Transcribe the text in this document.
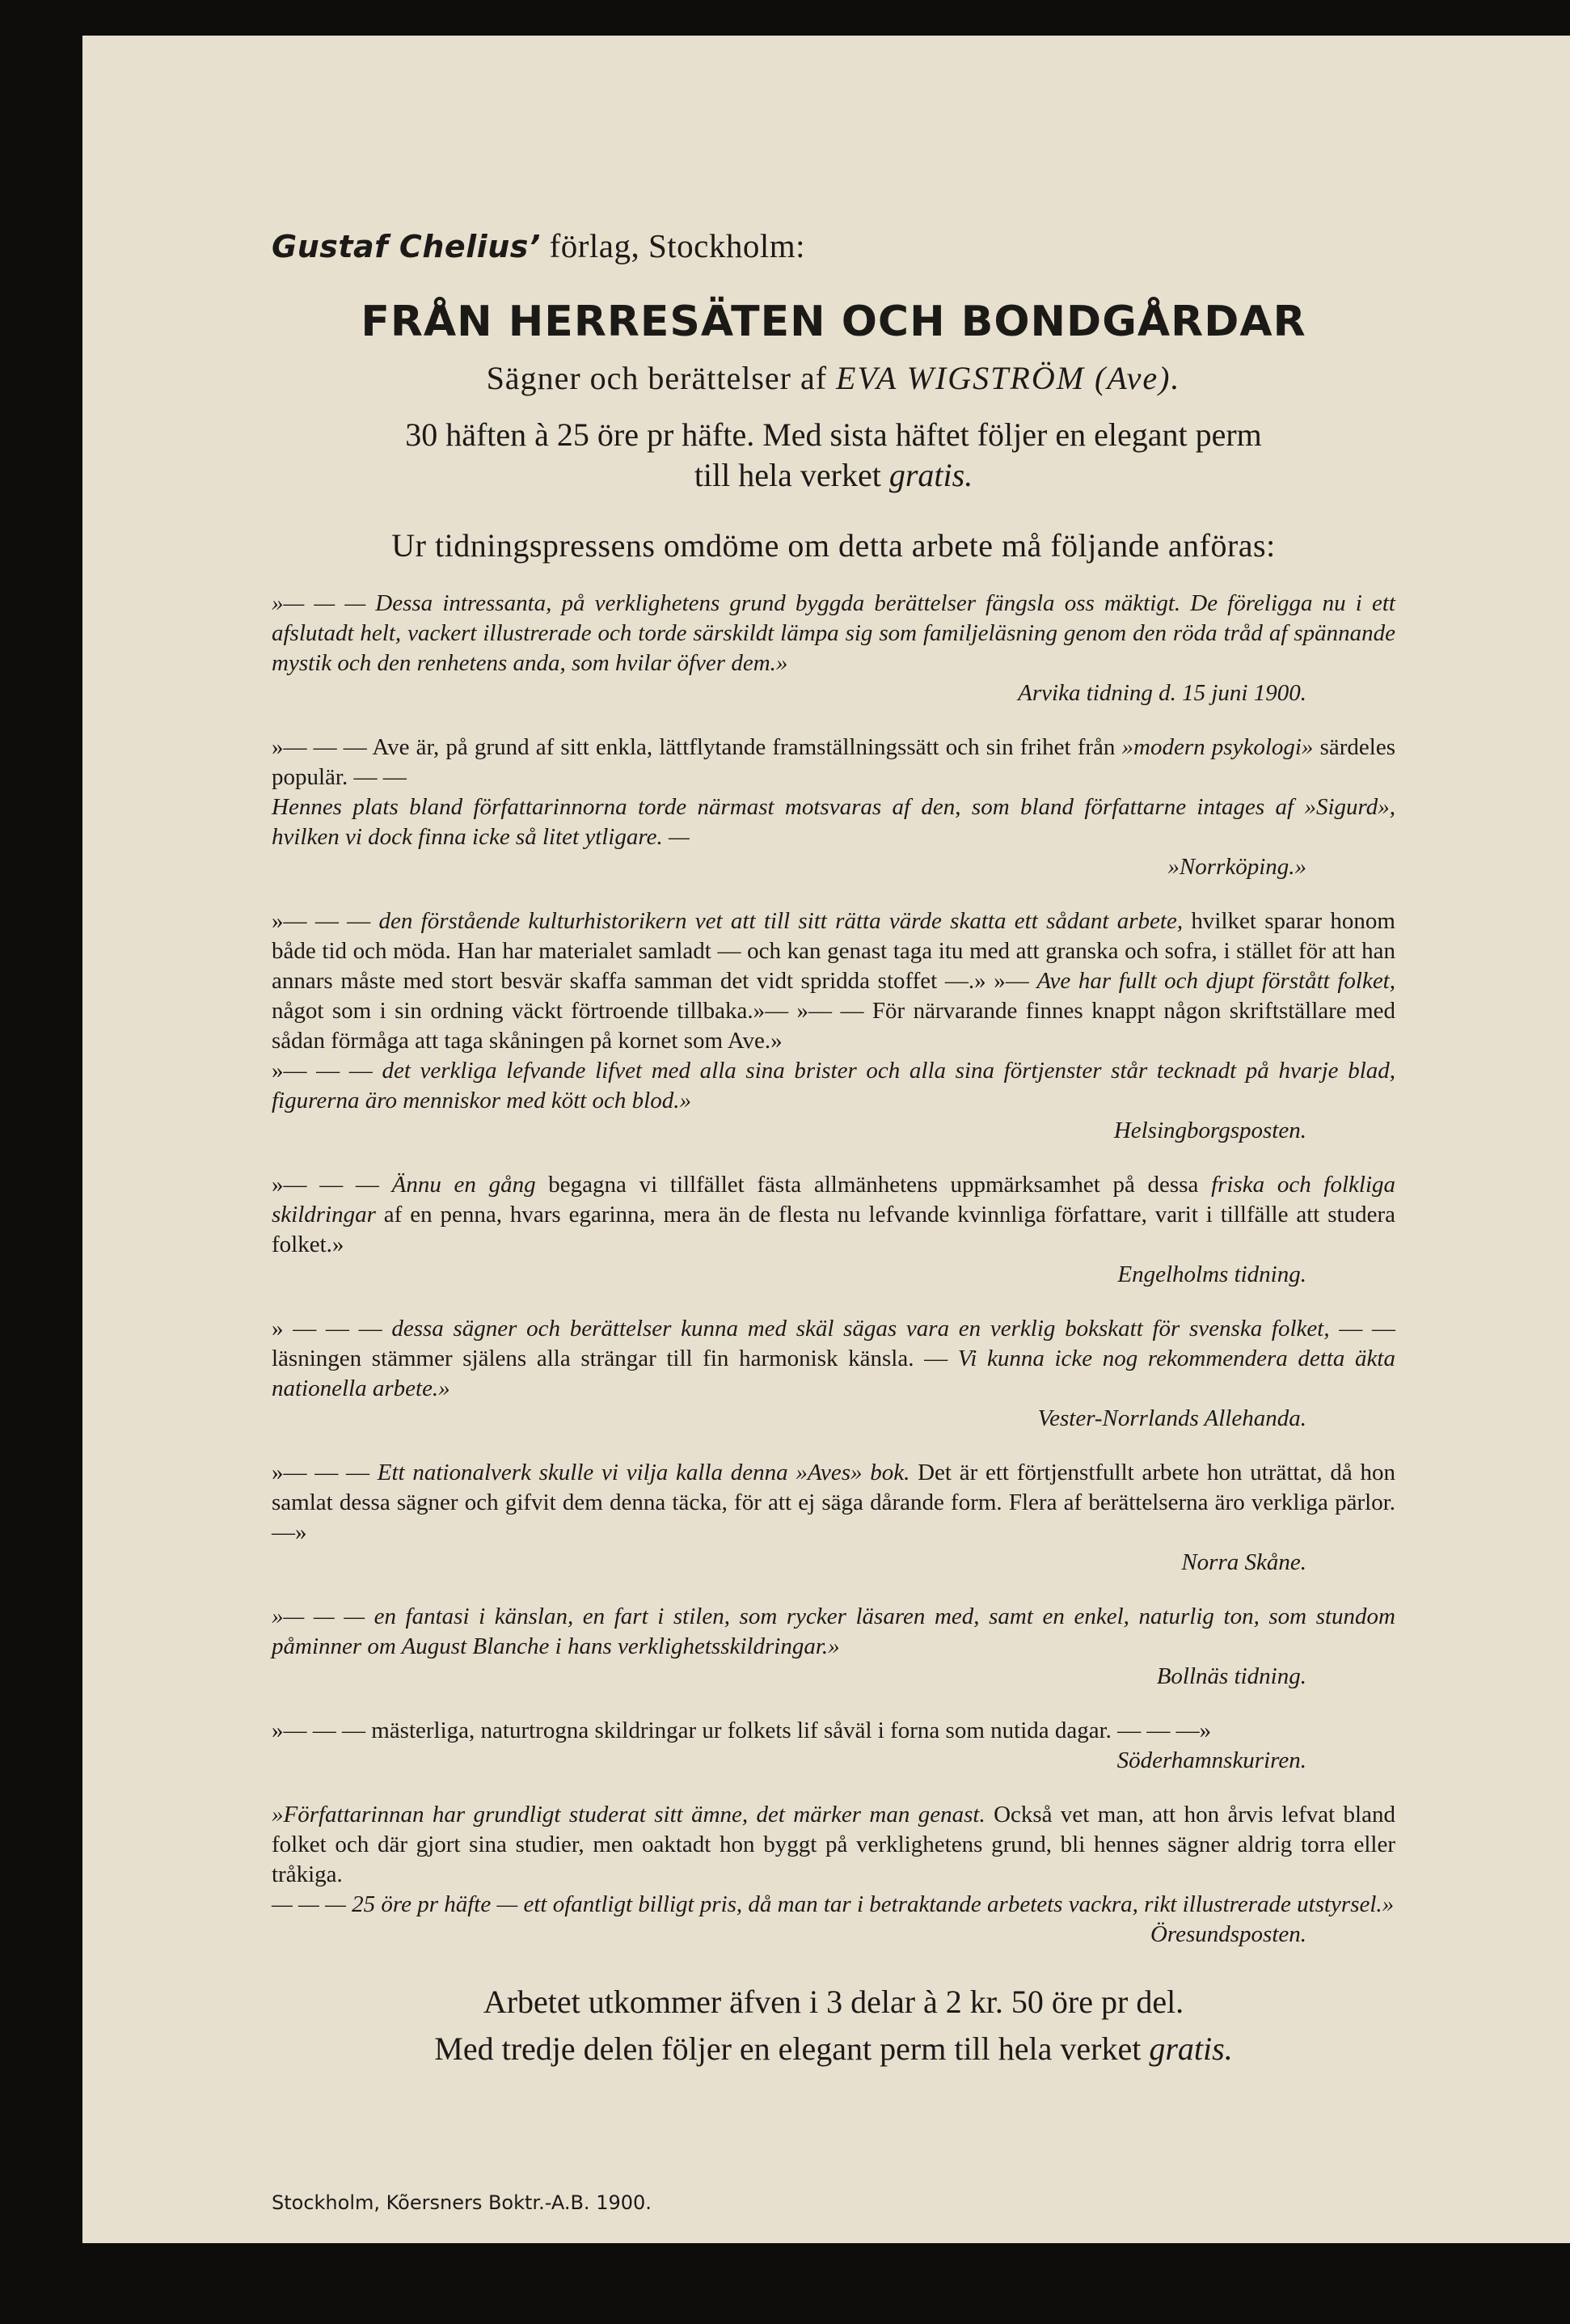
Gustaf Chelius’ förlag, Stockholm:
FRÅN HERRESÄTEN OCH BONDGÅRDAR
Sägner och berättelser af EVA WIGSTRÖM (Ave).
30 häften à 25 öre pr häfte. Med sista häftet följer en elegant perm
till hela verket gratis.
Ur tidningspressens omdöme om detta arbete må följande anföras:
»— — — Dessa intressanta, på verklighetens grund byggda berättelser fängsla oss mäktigt. De föreligga nu i ett afslutadt helt, vackert illustrerade och torde särskildt lämpa sig som familjeläsning genom den röda tråd af spännande mystik och den renhetens anda, som hvilar öfver dem.»
Arvika tidning d. 15 juni 1900.
»— — — Ave är, på grund af sitt enkla, lättflytande framställningssätt och sin frihet från »modern psykologi» särdeles populär. — —
Hennes plats bland författarinnorna torde närmast motsvaras af den, som bland författarne intages af »Sigurd», hvilken vi dock finna icke så litet ytligare. —
»Norrköping.»
»— — — den förstående kulturhistorikern vet att till sitt rätta värde skatta ett sådant arbete, hvilket sparar honom både tid och möda. Han har materialet samladt — och kan genast taga itu med att granska och sofra, i stället för att han annars måste med stort besvär skaffa samman det vidt spridda stoffet —.» »— Ave har fullt och djupt förstått folket, något som i sin ordning väckt förtroende tillbaka.»— »— — För närvarande finnes knappt någon skriftställare med sådan förmåga att taga skåningen på kornet som Ave.»
»— — — det verkliga lefvande lifvet med alla sina brister och alla sina förtjenster står tecknadt på hvarje blad, figurerna äro menniskor med kött och blod.»
Helsingborgsposten.
»— — — Ännu en gång begagna vi tillfället fästa allmänhetens uppmärksamhet på dessa friska och folkliga skildringar af en penna, hvars egarinna, mera än de flesta nu lefvande kvinnliga författare, varit i tillfälle att studera folket.»
Engelholms tidning.
» — — — dessa sägner och berättelser kunna med skäl sägas vara en verklig bokskatt för svenska folket, — — läsningen stämmer själens alla strängar till fin harmonisk känsla. — Vi kunna icke nog rekommendera detta äkta nationella arbete.»
Vester-Norrlands Allehanda.
»— — — Ett nationalverk skulle vi vilja kalla denna »Aves» bok. Det är ett förtjenstfullt arbete hon uträttat, då hon samlat dessa sägner och gifvit dem denna täcka, för att ej säga dårande form. Flera af berättelserna äro verkliga pärlor.—»
Norra Skåne.
»— — — en fantasi i känslan, en fart i stilen, som rycker läsaren med, samt en enkel, naturlig ton, som stundom påminner om August Blanche i hans verklighetsskildringar.»
Bollnäs tidning.
»— — — mästerliga, naturtrogna skildringar ur folkets lif såväl i forna som nutida dagar. — — —»
Söderhamnskuriren.
»Författarinnan har grundligt studerat sitt ämne, det märker man genast. Också vet man, att hon årvis lefvat bland folket och där gjort sina studier, men oaktadt hon byggt på verklighetens grund, bli hennes sägner aldrig torra eller tråkiga.
— — — 25 öre pr häfte — ett ofantligt billigt pris, då man tar i betraktande arbetets vackra, rikt illustrerade utstyrsel.»
Öresundsposten.
Arbetet utkommer äfven i 3 delar à 2 kr. 50 öre pr del.
Med tredje delen följer en elegant perm till hela verket gratis.
Stockholm, Kõersners Boktr.-A.B. 1900.
